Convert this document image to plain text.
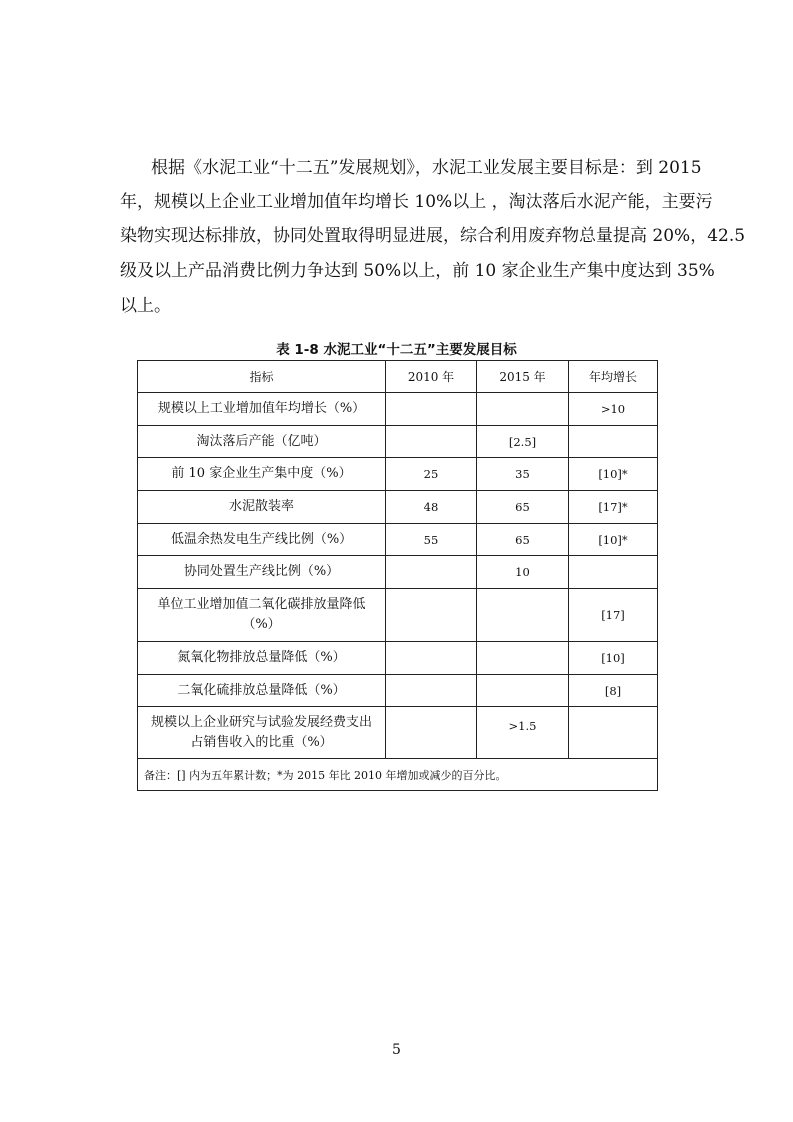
根据《水泥工业“十二五”发展规划》，水泥工业发展主要目标是：到 2015
年，规模以上企业工业增加值年均增长 10%以上 ，淘汰落后水泥产能，主要污
染物实现达标排放，协同处置取得明显进展，综合利用废弃物总量提高 20%，42.5
级及以上产品消费比例力争达到 50%以上，前 10 家企业生产集中度达到 35%
以上。
表 1-8 水泥工业“十二五”主要发展目标
指标	2010 年	2015 年	年均增长
规模以上工业增加值年均增长（%）			>10
淘汰落后产能（亿吨）		[2.5]	
前 10 家企业生产集中度（%）	25	35	[10]*
水泥散装率	48	65	[17]*
低温余热发电生产线比例（%）	55	65	[10]*
协同处置生产线比例（%）		10	
单位工业增加值二氧化碳排放量降低（%）			[17]
氮氧化物排放总量降低（%）			[10]
二氧化硫排放总量降低（%）			[8]
规模以上企业研究与试验发展经费支出占销售收入的比重（%）		>1.5	
备注：[] 内为五年累计数；*为 2015 年比 2010 年增加或减少的百分比。			
5
